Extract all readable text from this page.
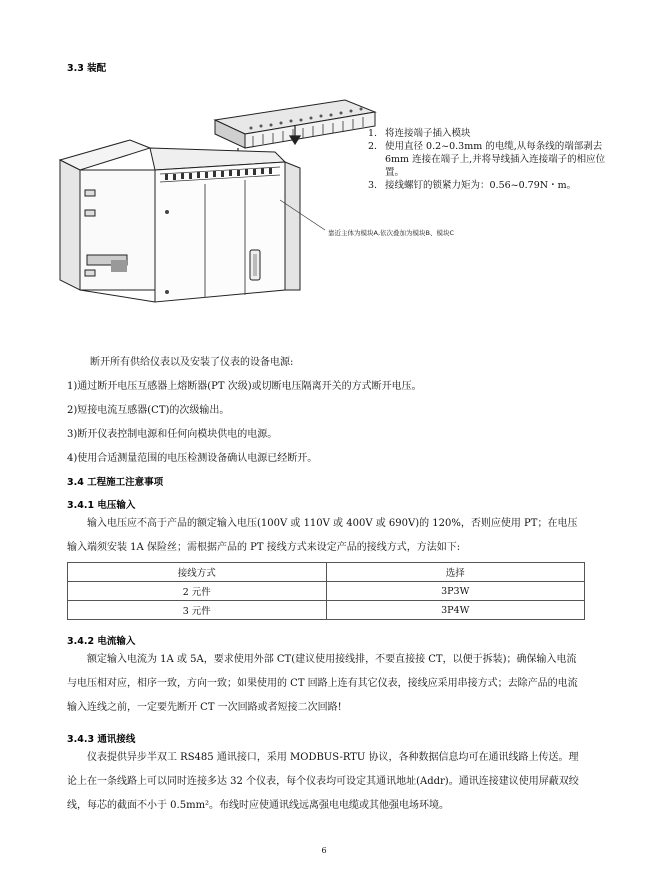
3.3 装配
1. 将连接端子插入模块
2. 使用直径 0.2~0.3mm 的电缆,从每条线的端部剥去 6mm 连接在端子上,并将导线插入连接端子的相应位置。
3. 接线螺钉的锁紧力矩为：0.56~0.79N・m。
靠近主体为模块A,依次叠加为模块B、模块C
断开所有供给仪表以及安装了仪表的设备电源:
1)通过断开电压互感器上熔断器(PT 次级)或切断电压隔离开关的方式断开电压。
2)短接电流互感器(CT)的次级输出。
3)断开仪表控制电源和任何向模块供电的电源。
4)使用合适测量范围的电压检测设备确认电源已经断开。
3.4 工程施工注意事项
3.4.1 电压输入
输入电压应不高于产品的额定输入电压(100V 或 110V 或 400V 或 690V)的 120%，否则应使用 PT；在电压输入端须安装 1A 保险丝；需根据产品的 PT 接线方式来设定产品的接线方式，方法如下:
接线方式	选择
2 元件	3P3W
3 元件	3P4W
3.4.2 电流输入
额定输入电流为 1A 或 5A，要求使用外部 CT(建议使用接线排，不要直接接 CT，以便于拆装)；确保输入电流与电压相对应，相序一致，方向一致；如果使用的 CT 回路上连有其它仪表，接线应采用串接方式；去除产品的电流输入连线之前，一定要先断开 CT 一次回路或者短接二次回路!
3.4.3 通讯接线
仪表提供异步半双工 RS485 通讯接口，采用 MODBUS-RTU 协议，各种数据信息均可在通讯线路上传送。理论上在一条线路上可以同时连接多达 32 个仪表，每个仪表均可设定其通讯地址(Addr)。通讯连接建议使用屏蔽双绞线，每芯的截面不小于 0.5mm²。布线时应使通讯线远离强电电缆或其他强电场环境。
6
